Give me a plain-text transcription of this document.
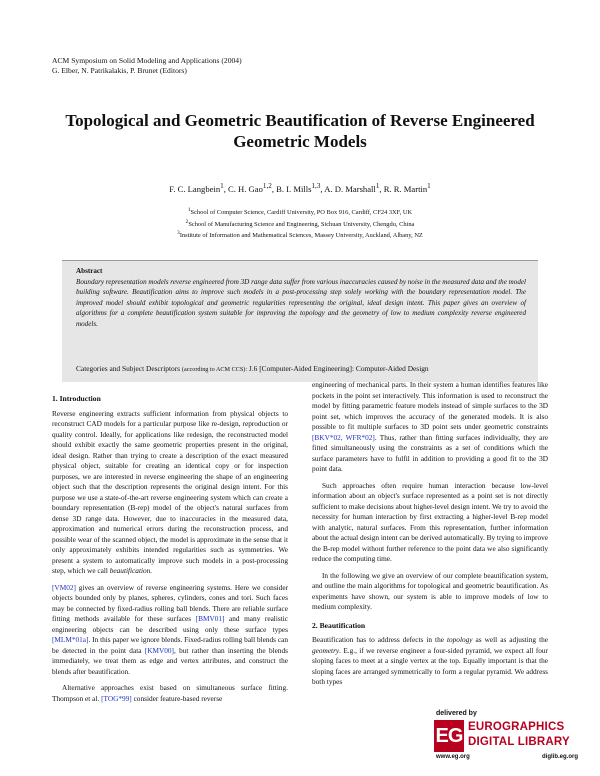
ACM Symposium on Solid Modeling and Applications (2004)
G. Elber, N. Patrikalakis, P. Brunet (Editors)
Topological and Geometric Beautification of Reverse Engineered
Geometric Models
F. C. Langbein$^1$, C. H. Gao$^{1,2}$, B. I. Mills$^{1,3}$, A. D. Marshall$^1$, R. R. Martin$^1$
$^1$School of Computer Science, Cardiff University, PO Box 916, Cardiff, CF24 3XF, UK
$^2$School of Manufacturing Science and Engineering, Sichuan University, Chengdu, China
$^3$Institute of Information and Mathematical Sciences, Massey University, Auckland, Albany, NZ
Abstract
Boundary representation models reverse engineered from 3D range data suffer from various inaccuracies caused by noise in the measured data and the model building software. Beautification aims to improve such models in a post-processing step solely working with the boundary representation model. The improved model should exhibit topological and geometric regularities representing the original, ideal design intent. This paper gives an overview of algorithms for a complete beautification system suitable for improving the topology and the geometry of low to medium complexity reverse engineered models.
Categories and Subject Descriptors (according to ACM CCS): J.6 [Computer-Aided Engineering]: Computer-Aided Design

1. Introduction

Reverse engineering extracts sufficient information from physical objects to reconstruct CAD models for a particular purpose like re-design, reproduction or quality control. Ideally, for applications like redesign, the reconstructed model should exhibit exactly the same geometric properties present in the original, ideal design. Rather than trying to create a description of the exact measured physical object, suitable for creating an identical copy or for inspection purposes, we are interested in reverse engineering the shape of an engineering object such that the description represents the original design intent. For this purpose we use a state-of-the-art reverse engineering system which can create a boundary representation (B-rep) model of the object's natural surfaces from dense 3D range data. However, due to inaccuracies in the measured data, approximation and numerical errors during the reconstruction process, and possible wear of the scanned object, the model is approximate in the sense that it only approximately exhibits intended regularities such as symmetries. We present a system to automatically improve such models in a post-processing step, which we call beautification.

[VM02] gives an overview of reverse engineering systems. Here we consider objects bounded only by planes, spheres, cylinders, cones and tori. Such faces may be connected by fixed-radius rolling ball blends. There are reliable surface fitting methods available for these surfaces [BMV01] and many realistic engineering objects can be described using only these surface types [MLM*01a]. In this paper we ignore blends. Fixed-radius rolling ball blends can be detected in the point data [KMV00], but rather than inserting the blends immediately, we treat them as edge and vertex attributes, and construct the blends after beautification.

Alternative approaches exist based on simultaneous surface fitting. Thompson et al. [TOG*99] consider feature-based reverse

engineering of mechanical parts. In their system a human identifies features like pockets in the point set interactively. This information is used to reconstruct the model by fitting parametric feature models instead of simple surfaces to the 3D point set, which improves the accuracy of the generated models. It is also possible to fit multiple surfaces to 3D point sets under geometric constraints [BKV*02, WFR*02]. Thus, rather than fitting surfaces individually, they are fitted simultaneously using the constraints as a set of conditions which the surface parameters have to fulfil in addition to providing a good fit to the 3D point data.

Such approaches often require human interaction because low-level information about an object's surface represented as a point set is not directly sufficient to make decisions about higher-level design intent. We try to avoid the necessity for human interaction by first extracting a higher-level B-rep model with analytic, natural surfaces. From this representation, further information about the actual design intent can be derived automatically. By trying to improve the B-rep model without further reference to the point data we also significantly reduce the computing time.

In the following we give an overview of our complete beautification system, and outline the main algorithms for topological and geometric beautification. As experiments have shown, our system is able to improve models of low to medium complexity.

2. Beautification

Beautification has to address defects in the topology as well as adjusting the geometry. E.g., if we reverse engineer a four-sided pyramid, we expect all four sloping faces to meet at a single vertex at the top. Equally important is that the sloping faces are arranged symmetrically to form a regular pyramid. We address both types

delivered by
EG EUROGRAPHICS
DIGITAL LIBRARY
www.eg.org	diglib.eg.org
